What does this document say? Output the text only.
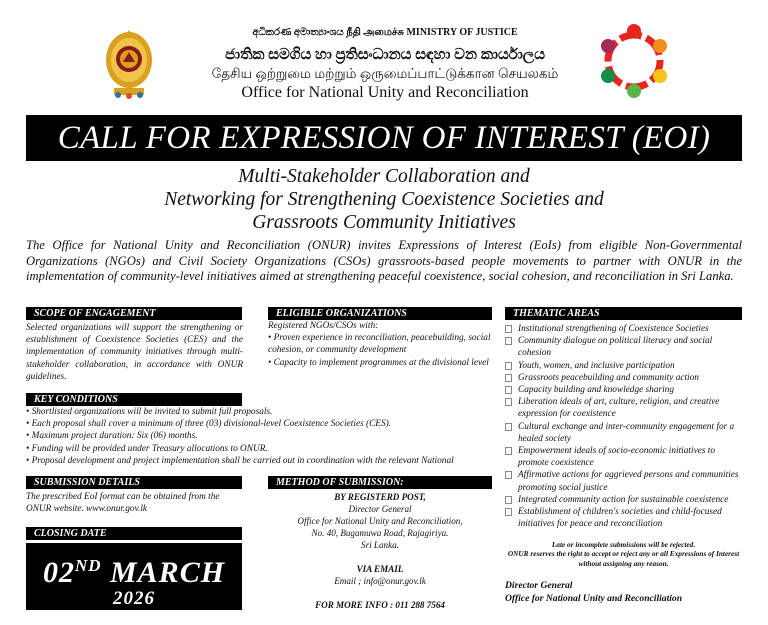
අධිකරණ අමාත්‍යාංශය நீதி அமைச்சு MINISTRY OF JUSTICE
ජාතික සමගිය හා ප්‍රතිසංධානය සඳහා වන කාර්යාලය
தேசிய ஒற்றுமை மற்றும் ஒருமைப்பாட்டுக்கான செயலகம்
Office for National Unity and Reconciliation
CALL FOR EXPRESSION OF INTEREST (EOI)
Multi-Stakeholder Collaboration and
Networking for Strengthening Coexistence Societies and
Grassroots Community Initiatives
The Office for National Unity and Reconciliation (ONUR) invites Expressions of Interest (EoIs) from eligible Non-Governmental Organizations (NGOs) and Civil Society Organizations (CSOs) grassroots-based people movements to partner with ONUR in the implementation of community-level initiatives aimed at strengthening peaceful coexistence, social cohesion, and reconciliation in Sri Lanka.
SCOPE OF ENGAGEMENT
Selected organizations will support the strengthening or establishment of Coexistence Societies (CES) and the implementation of community initiatives through multi-stakeholder collaboration, in accordance with ONUR guidelines.
ELIGIBLE ORGANIZATIONS
Registered NGOs/CSOs with:
• Proven experience in reconciliation, peacebuilding, social cohesion, or community development
• Capacity to implement programmes at the divisional level
THEMATIC AREAS
Institutional strengthening of Coexistence Societies
Community dialogue on political literacy and social cohesion
Youth, women, and inclusive participation
Grassroots peacebuilding and community action
Capacity building and knowledge sharing
Liberation ideals of art, culture, religion, and creative expression for coexistence
Cultural exchange and inter-community engagement for a healed society
Empowerment ideals of socio-economic initiatives to promote coexistence
Affirmative actions for aggrieved persons and communities promoting social justice
Integrated community action for sustainable coexistence
Establishment of children's societies and child-focused initiatives for peace and reconciliation
KEY CONDITIONS
• Shortlisted organizations will be invited to submit full proposals.
• Each proposal shall cover a minimum of three (03) divisional-level Coexistence Societies (CES).
• Maximum project duration: Six (06) months.
• Funding will be provided under Treasury allocations to ONUR.
• Proposal development and project implementation shall be carried out in coordination with the relevant National
SUBMISSION DETAILS
The prescribed EoI format can be obtained from the ONUR website. www.onur.gov.lk
METHOD OF SUBMISSION:
BY REGISTERD POST,
Director General
Office for National Unity and Reconciliation,
No. 40, Bugamuwa Road, Rajagiriya.
Sri Lanka.
VIA EMAIL
Email ; info@onur.gov.lk
FOR MORE INFO : 011 288 7564
CLOSING DATE
02ND MARCH
2026
Late or incomplete submissions will be rejected.
ONUR reserves the right to accept or reject any or all Expressions of Interest without assigning any reason.
Director General
Office for National Unity and Reconciliation
